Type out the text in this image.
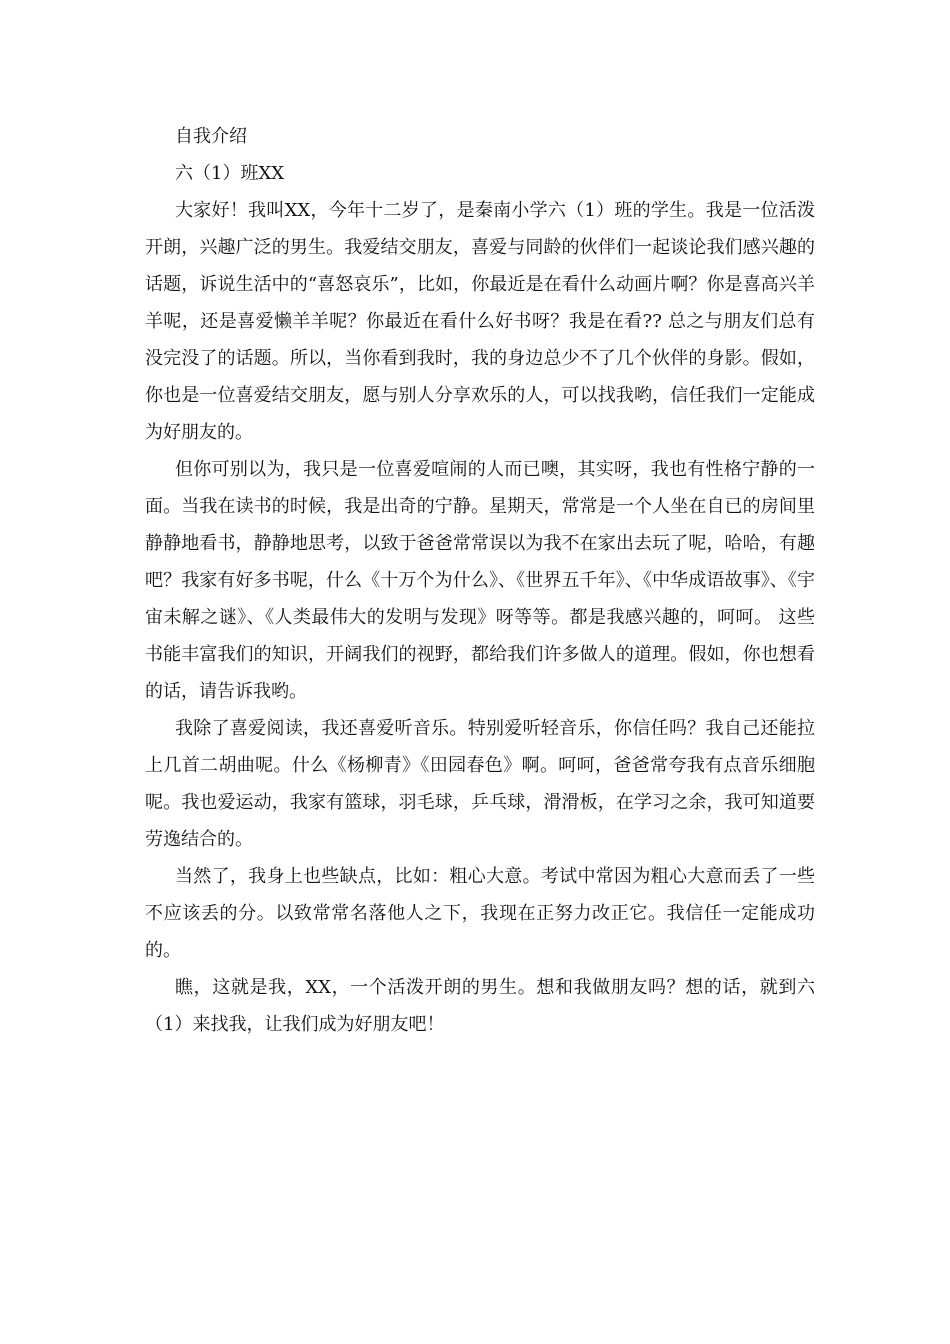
自我介绍

六（1）班XX

大家好！我叫XX，今年十二岁了，是秦南小学六（1）班的学生。我是一位活泼开朗，兴趣广泛的男生。我爱结交朋友，喜爱与同龄的伙伴们一起谈论我们感兴趣的话题，诉说生活中的“喜怒哀乐”，比如，你最近是在看什么动画片啊？你是喜高兴羊羊呢，还是喜爱懒羊羊呢？你最近在看什么好书呀？我是在看?? 总之与朋友们总有没完没了的话题。所以，当你看到我时，我的身边总少不了几个伙伴的身影。假如，你也是一位喜爱结交朋友，愿与别人分享欢乐的人，可以找我哟，信任我们一定能成为好朋友的。

但你可别以为，我只是一位喜爱喧闹的人而已噢，其实呀，我也有性格宁静的一面。当我在读书的时候，我是出奇的宁静。星期天，常常是一个人坐在自已的房间里静静地看书，静静地思考，以致于爸爸常常误以为我不在家出去玩了呢，哈哈，有趣吧？我家有好多书呢，什么《十万个为什么》、《世界五千年》、《中华成语故事》、《宇宙未解之谜》、《人类最伟大的发明与发现》呀等等。都是我感兴趣的，呵呵。 这些书能丰富我们的知识，开阔我们的视野，都给我们许多做人的道理。假如，你也想看的话，请告诉我哟。

我除了喜爱阅读，我还喜爱听音乐。特别爱听轻音乐，你信任吗？我自己还能拉上几首二胡曲呢。什么《杨柳青》《田园春色》啊。呵呵，爸爸常夸我有点音乐细胞呢。我也爱运动，我家有篮球，羽毛球，乒乓球，滑滑板，在学习之余，我可知道要劳逸结合的。

当然了，我身上也些缺点，比如：粗心大意。考试中常因为粗心大意而丢了一些不应该丢的分。以致常常名落他人之下，我现在正努力改正它。我信任一定能成功的。

瞧，这就是我，XX，一个活泼开朗的男生。想和我做朋友吗？想的话，就到六（1）来找我，让我们成为好朋友吧！
